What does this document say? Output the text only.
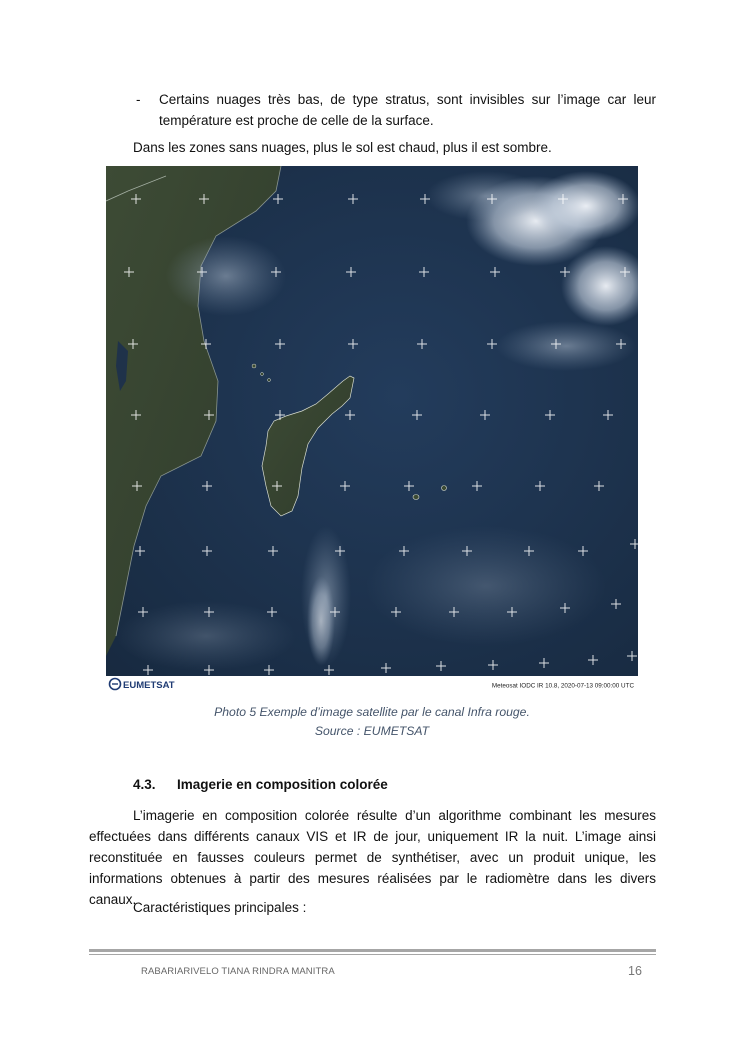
- Certains nuages très bas, de type stratus, sont invisibles sur l’image car leur température est proche de celle de la surface.
Dans les zones sans nuages, plus le sol est chaud, plus il est sombre.
EUMETSAT	Meteosat IODC IR 10.8, 2020-07-13 09:00:00 UTC
Photo 5 Exemple d’image satellite par le canal Infra rouge.
Source : EUMETSAT
4.3. Imagerie en composition colorée
L’imagerie en composition colorée résulte d’un algorithme combinant les mesures effectuées dans différents canaux VIS et IR de jour, uniquement IR la nuit. L’image ainsi reconstituée en fausses couleurs permet de synthétiser, avec un produit unique, les informations obtenues à partir des mesures réalisées par le radiomètre dans les divers canaux.
Caractéristiques principales :
RABARIARIVELO TIANA RINDRA MANITRA	16
